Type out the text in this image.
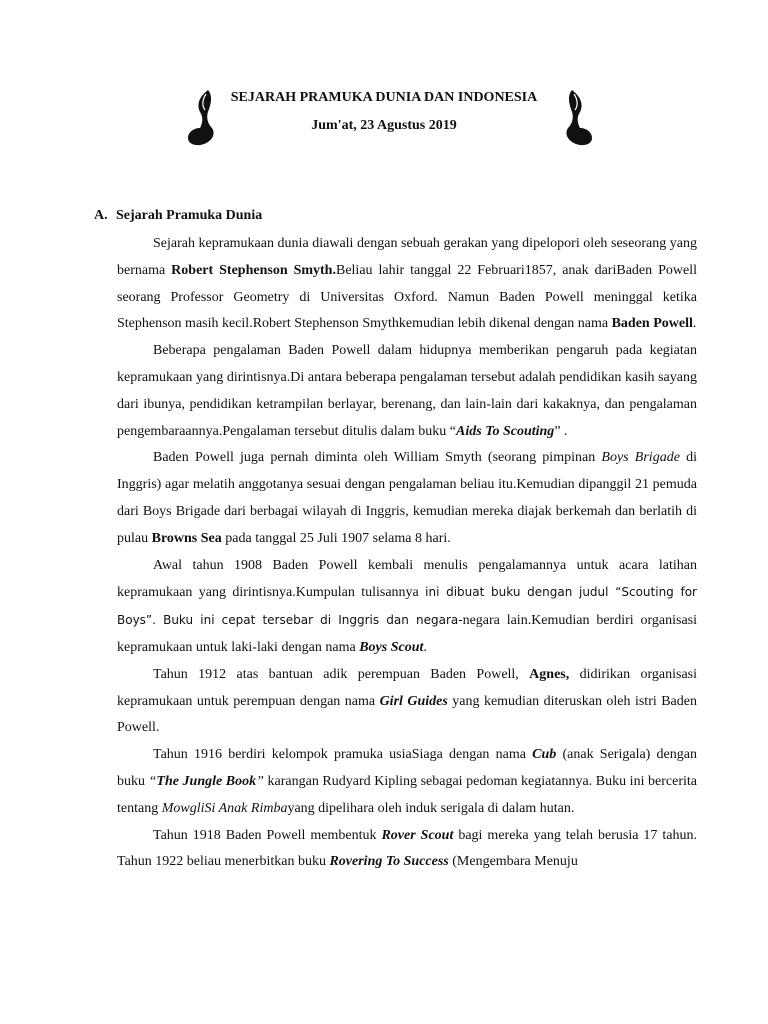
SEJARAH PRAMUKA DUNIA DAN INDONESIA
Jum'at, 23 Agustus 2019
A. Sejarah Pramuka Dunia

Sejarah kepramukaan dunia diawali dengan sebuah gerakan yang dipelopori oleh seseorang yang bernama Robert Stephenson Smyth.Beliau lahir tanggal 22 Februari1857, anak dariBaden Powell seorang Professor Geometry di Universitas Oxford. Namun Baden Powell meninggal ketika Stephenson masih kecil.Robert Stephenson Smythkemudian lebih dikenal dengan nama Baden Powell.

Beberapa pengalaman Baden Powell dalam hidupnya memberikan pengaruh pada kegiatan kepramukaan yang dirintisnya.Di antara beberapa pengalaman tersebut adalah pendidikan kasih sayang dari ibunya, pendidikan ketrampilan berlayar, berenang, dan lain-lain dari kakaknya, dan pengalaman pengembaraannya.Pengalaman tersebut ditulis dalam buku “Aids To Scouting” .

Baden Powell juga pernah diminta oleh William Smyth (seorang pimpinan Boys Brigade di Inggris) agar melatih anggotanya sesuai dengan pengalaman beliau itu.Kemudian dipanggil 21 pemuda dari Boys Brigade dari berbagai wilayah di Inggris, kemudian mereka diajak berkemah dan berlatih di pulau Browns Sea pada tanggal 25 Juli 1907 selama 8 hari.

Awal tahun 1908 Baden Powell kembali menulis pengalamannya untuk acara latihan kepramukaan yang dirintisnya.Kumpulan tulisannya ini dibuat buku dengan judul “Scouting for Boys”. Buku ini cepat tersebar di Inggris dan negara-negara lain.Kemudian berdiri organisasi kepramukaan untuk laki-laki dengan nama Boys Scout.

Tahun 1912 atas bantuan adik perempuan Baden Powell, Agnes, didirikan organisasi kepramukaan untuk perempuan dengan nama Girl Guides yang kemudian diteruskan oleh istri Baden Powell.

Tahun 1916 berdiri kelompok pramuka usiaSiaga dengan nama Cub (anak Serigala) dengan buku “The Jungle Book” karangan Rudyard Kipling sebagai pedoman kegiatannya. Buku ini bercerita tentang MowgliSi Anak Rimbayang dipelihara oleh induk serigala di dalam hutan.

Tahun 1918 Baden Powell membentuk Rover Scout bagi mereka yang telah berusia 17 tahun. Tahun 1922 beliau menerbitkan buku Rovering To Success (Mengembara Menuju
